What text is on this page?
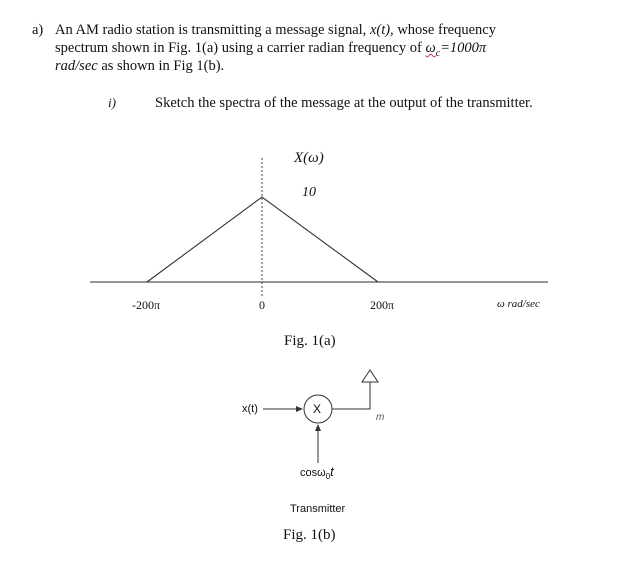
a) An AM radio station is transmitting a message signal, x(t), whose frequency
spectrum shown in Fig. 1(a) using a carrier radian frequency of $\omega_c=1000\pi$
rad/sec as shown in Fig 1(b).
i)	Sketch the spectra of the message at the output of the transmitter.
X(ω)
10
-200π	0	200π	ω rad/sec
Fig. 1(a)
x(t)	X
m
cosω$_0$t
Transmitter
Fig. 1(b)
